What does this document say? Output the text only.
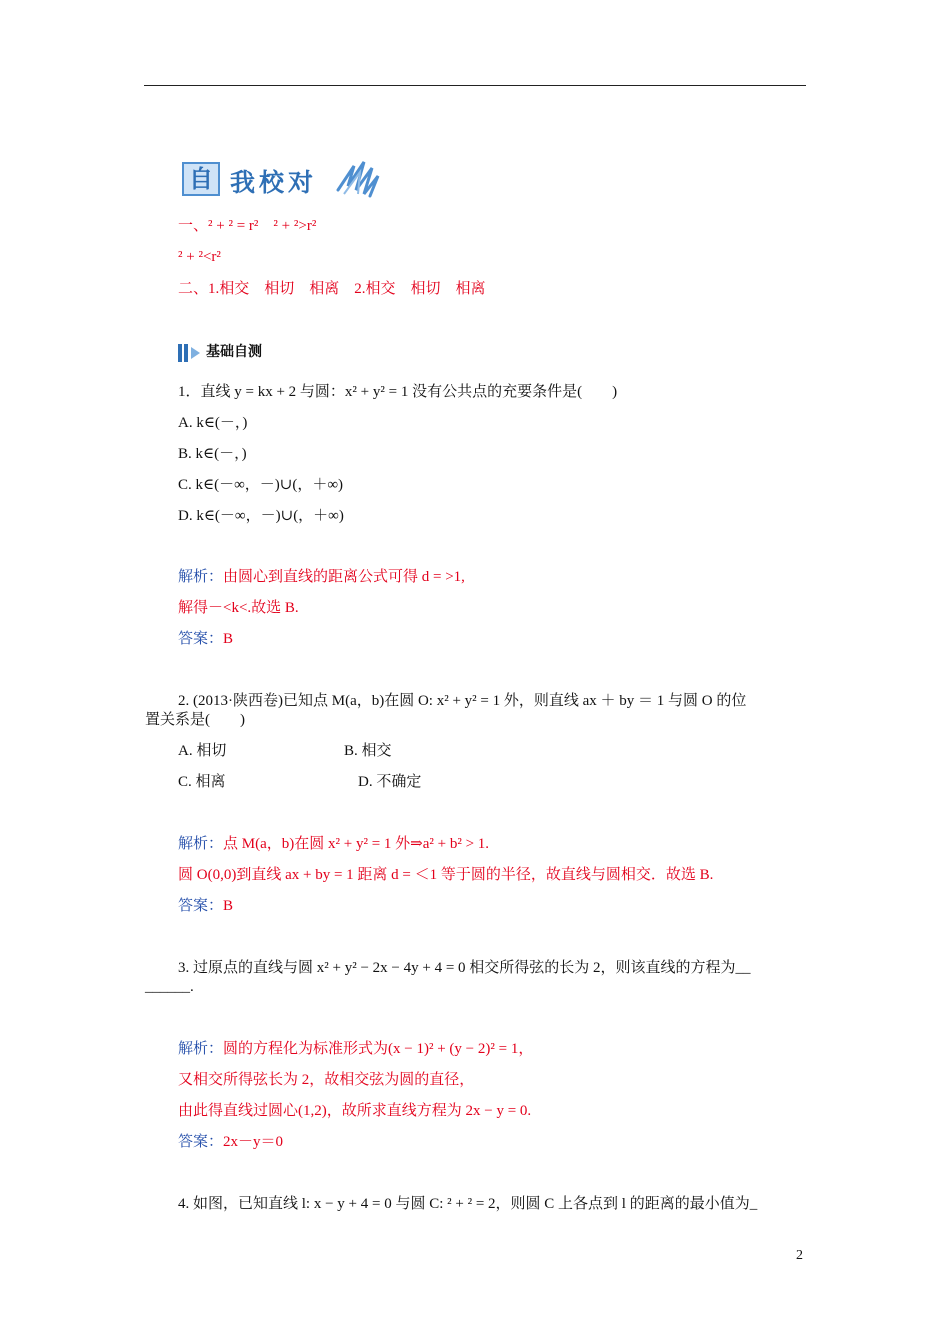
自 我校对
一、² + ² = r²　² + ²>r²
² + ²<r²
二、1.相交　相切　相离　2.相交　相切　相离
基础自测
1．直线 y = kx + 2 与圆：x² + y² = 1 没有公共点的充要条件是(　　)
A. k∈(－，)
B. k∈(－，)
C. k∈(－∞，－)∪(，＋∞)
D. k∈(－∞，－)∪(，＋∞)
解析：由圆心到直线的距离公式可得 d = >1,
解得－<k<.故选 B.
答案：B
2. (2013·陕西卷)已知点 M(a，b)在圆 O: x² + y² = 1 外，则直线 ax ＋ by ＝ 1 与圆 O 的位
置关系是(　　)
A. 相切	B. 相交
C. 相离	D. 不确定
解析：点 M(a，b)在圆 x² + y² = 1 外⇒a² + b² > 1.
圆 O(0,0)到直线 ax + by = 1 距离 d = ＜1 等于圆的半径，故直线与圆相交．故选 B.
答案：B
3. 过原点的直线与圆 x² + y² − 2x − 4y + 4 = 0 相交所得弦的长为 2，则该直线的方程为__
______.
解析：圆的方程化为标准形式为(x − 1)² + (y − 2)² = 1，
又相交所得弦长为 2，故相交弦为圆的直径，
由此得直线过圆心(1,2)，故所求直线方程为 2x − y = 0.
答案：2x－y＝0
4. 如图，已知直线 l: x − y + 4 = 0 与圆 C: ² + ² = 2，则圆 C 上各点到 l 的距离的最小值为_
2
